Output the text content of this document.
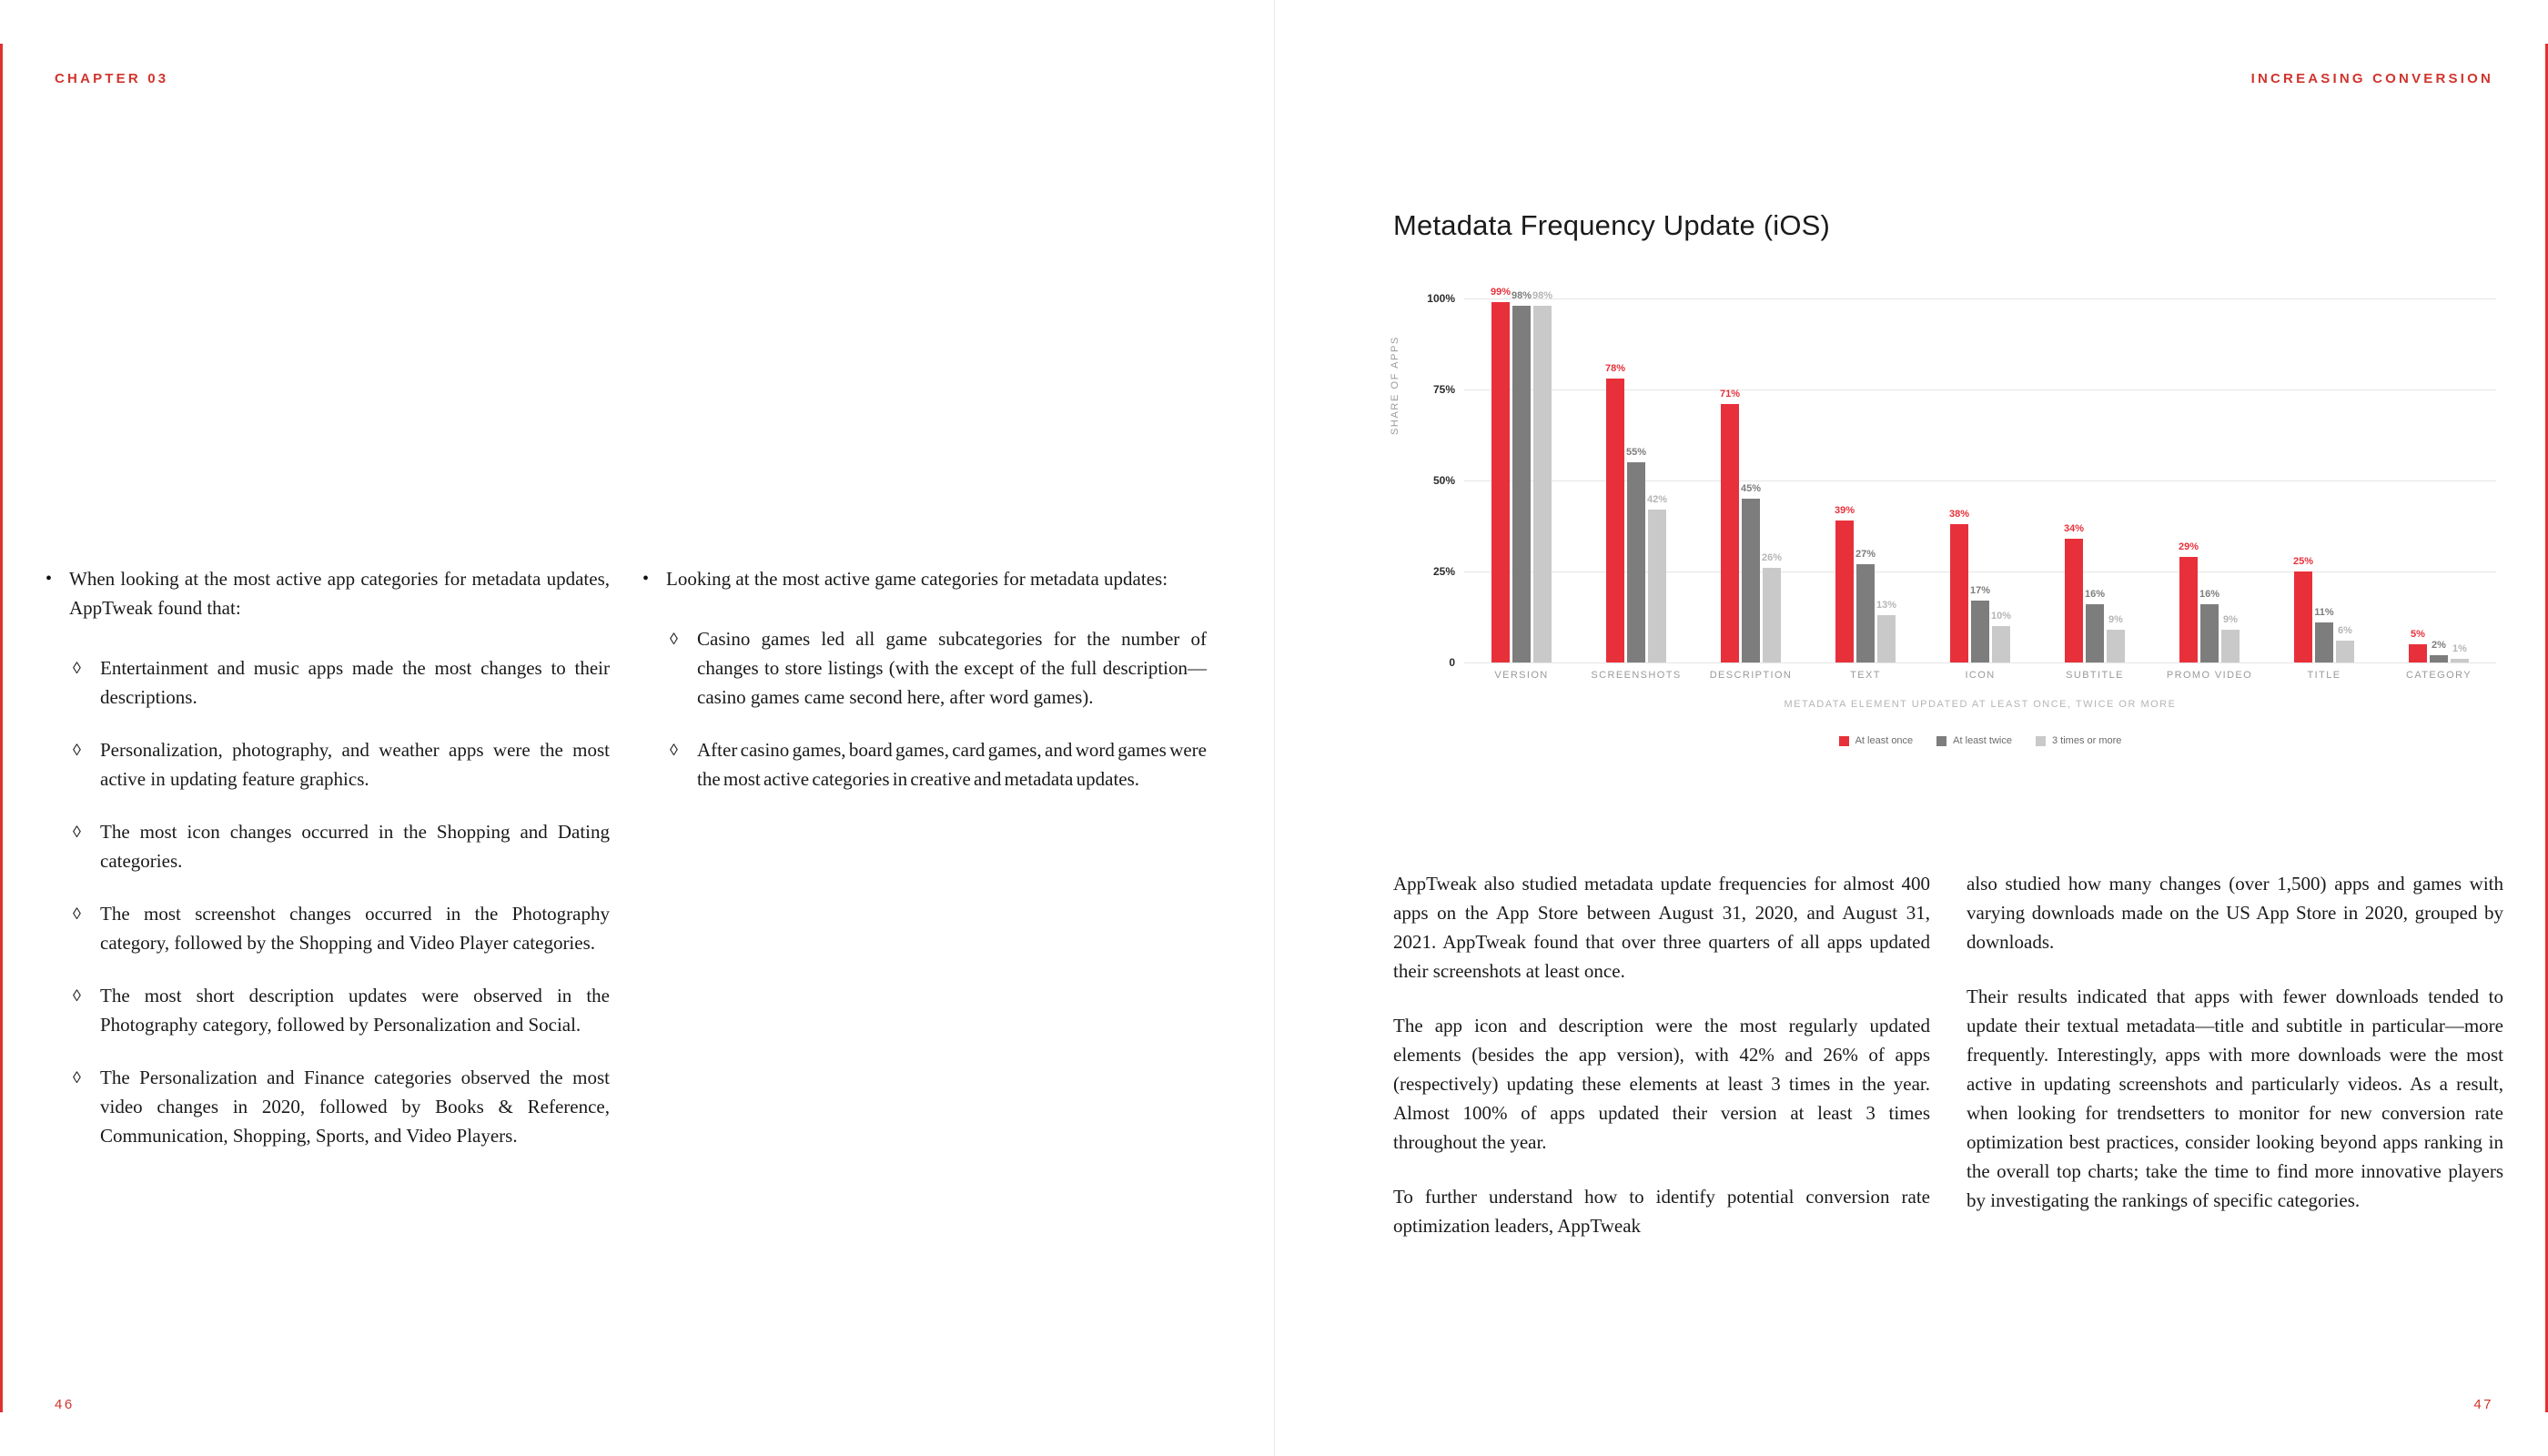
CHAPTER 03
• When looking at the most active app categories for metadata updates, AppTweak found that:
◊	Entertainment and music apps made the most changes to their descriptions.
◊	Personalization, photography, and weather apps were the most active in updating feature graphics.
◊	The most icon changes occurred in the Shopping and Dating categories.
◊	The most screenshot changes occurred in the Photography category, followed by the Shopping and Video Player categories.
◊	The most short description updates were observed in the Photography category, followed by Personalization and Social.
◊	The Personalization and Finance categories observed the most video changes in 2020, followed by Books & Reference, Communication, Shopping, Sports, and Video Players.
• Looking at the most active game categories for metadata updates:
◊	Casino games led all game subcategories for the number of changes to store listings (with the except of the full description—casino games came second here, after word games).
◊	After casino games, board games, card games, and word games were the most active categories in creative and metadata updates.
46
INCREASING CONVERSION
Metadata Frequency Update (iOS)
SHARE OF APPS
100%
75%
50%
25%
0
99% 98% 98%
78%
55%
42%
71%
45%
26%
39%
27%
13%
38%
17%
10%
34%
16%
9%
29%
16%
9%
25%
11%
6%	5%
2% 1%
VERSION	SCREENSHOTS	DESCRIPTION	TEXT	ICON	SUBTITLE	PROMO VIDEO	TITLE	CATEGORY
METADATA ELEMENT UPDATED AT LEAST ONCE, TWICE OR MORE
At least once	At least twice	3 times or more

AppTweak also studied metadata update frequencies for almost 400 apps on the App Store between August 31, 2020, and August 31, 2021. AppTweak found that over three quarters of all apps updated their screenshots at least once.

The app icon and description were the most regularly updated elements (besides the app version), with 42% and 26% of apps (respectively) updating these elements at least 3 times in the year. Almost 100% of apps updated their version at least 3 times throughout the year.

To further understand how to identify potential conversion rate optimization leaders, AppTweak

also studied how many changes (over 1,500) apps and games with varying downloads made on the US App Store in 2020, grouped by downloads.

Their results indicated that apps with fewer downloads tended to update their textual metadata—title and subtitle in particular—more frequently. Interestingly, apps with more downloads were the most active in updating screenshots and particularly videos. As a result, when looking for trendsetters to monitor for new conversion rate optimization best practices, consider looking beyond apps ranking in the overall top charts; take the time to find more innovative players by investigating the rankings of specific categories.

47
